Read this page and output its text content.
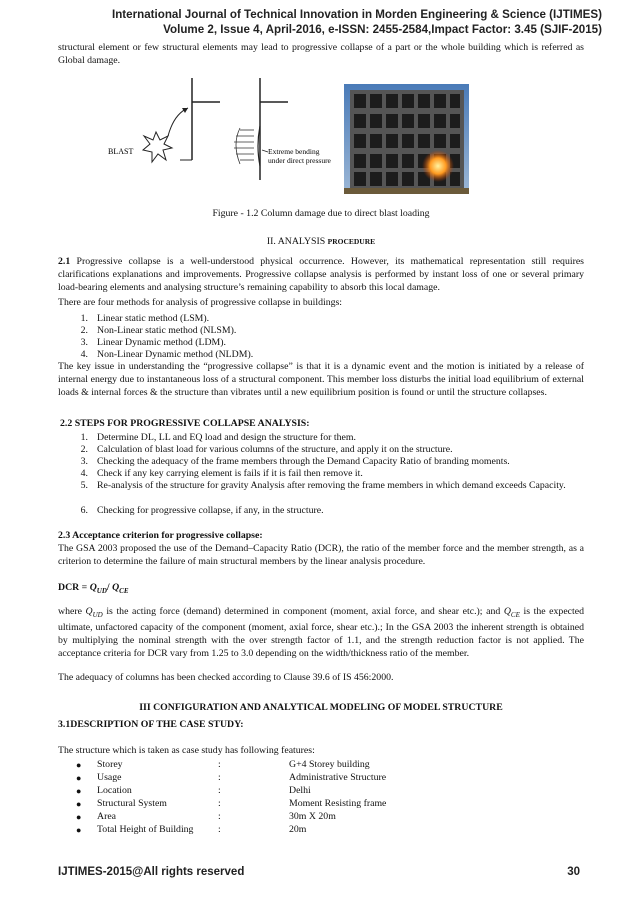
International Journal of Technical Innovation in Morden Engineering & Science (IJTIMES)
Volume 2, Issue 4, April-2016, e-ISSN: 2455-2584,Impact Factor: 3.45 (SJIF-2015)
structural element or few structural elements may lead to progressive collapse of a part or the whole building which is referred as Global damage.
BLAST	Extreme bending
under direct pressure
Figure - 1.2 Column damage due to direct blast loading
II. ANALYSIS PROCEDURE
2.1 Progressive collapse is a well-understood physical occurrence. However, its mathematical representation still requires clarifications explanations and improvements. Progressive collapse analysis is performed by instant loss of one or several primary load-bearing elements and analysing structure’s remaining capability to absorb this local damage.
There are four methods for analysis of progressive collapse in buildings:
1. Linear static method (LSM).
2. Non-Linear static method (NLSM).
3. Linear Dynamic method (LDM).
4. Non-Linear Dynamic method (NLDM).
The key issue in understanding the “progressive collapse” is that it is a dynamic event and the motion is initiated by a release of internal energy due to instantaneous loss of a structural component. This member loss disturbs the initial load equilibrium of external loads & internal forces & the structure than vibrates until a new equilibrium position is found or until the structure collapses.
2.2 STEPS FOR PROGRESSIVE COLLAPSE ANALYSIS:
1. Determine DL, LL and EQ load and design the structure for them.
2. Calculation of blast load for various columns of the structure, and apply it on the structure.
3. Checking the adequacy of the frame members through the Demand Capacity Ratio of branding moments.
4. Check if any key carrying element is fails if it is fail then remove it.
5. Re-analysis of the structure for gravity Analysis after removing the frame members in which demand exceeds Capacity.
6. Checking for progressive collapse, if any, in the structure.
2.3 Acceptance criterion for progressive collapse:
The GSA 2003 proposed the use of the Demand–Capacity Ratio (DCR), the ratio of the member force and the member strength, as a criterion to determine the failure of main structural members by the linear analysis procedure.
DCR = $Q_{UD}/$ $Q_{CE}$
where $Q_{UD}$ is the acting force (demand) determined in component (moment, axial force, and shear etc.); and $Q_{CE}$ is the expected ultimate, unfactored capacity of the component (moment, axial force, shear etc.).; In the GSA 2003 the inherent strength is obtained by multiplying the nominal strength with the over strength factor of 1.1, and the strength reduction factor is not applied. The acceptance criteria for DCR vary from 1.25 to 3.0 depending on the width/thickness ratio of the member.
The adequacy of columns has been checked according to Clause 39.6 of IS 456:2000.
III CONFIGURATION AND ANALYTICAL MODELING OF MODEL STRUCTURE
3.1DESCRIPTION OF THE CASE STUDY:
The structure which is taken as case study has following features:
● Storey	:	G+4 Storey building
● Usage	:	Administrative Structure
● Location	:	Delhi
● Structural System	:	Moment Resisting frame
● Area	:	30m X 20m
● Total Height of Building	:	20m
IJTIMES-2015@All rights reserved	30
